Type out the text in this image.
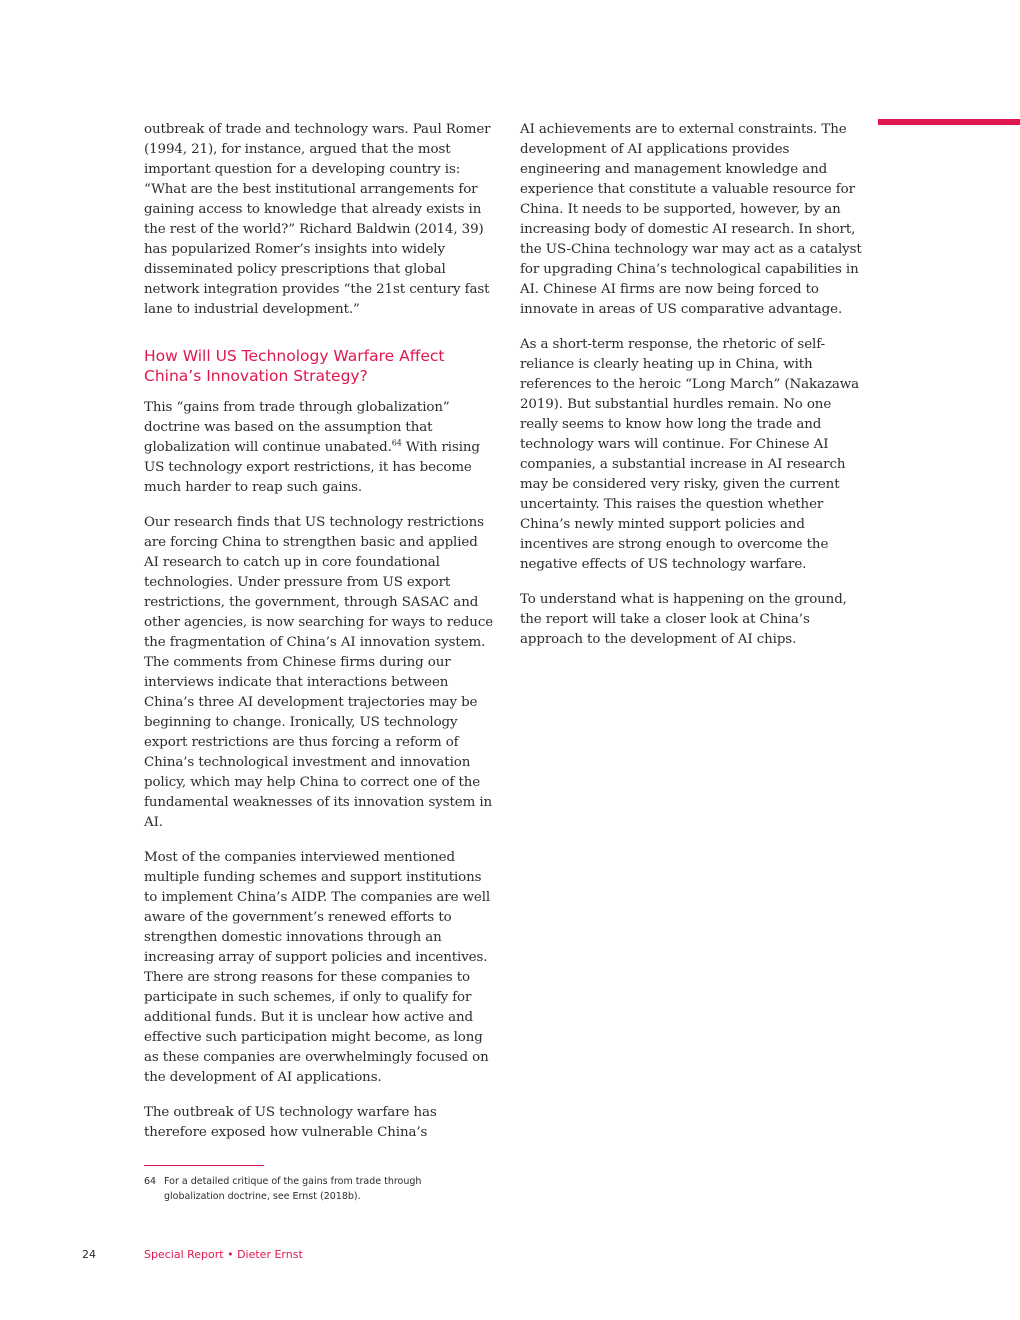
outbreak of trade and technology wars. Paul Romer (1994, 21), for instance, argued that the most important question for a developing country is: “What are the best institutional arrangements for gaining access to knowledge that already exists in the rest of the world?” Richard Baldwin (2014, 39) has popularized Romer’s insights into widely disseminated policy prescriptions that global network integration provides “the 21st century fast lane to industrial development.”

How Will US Technology Warfare Affect China’s Innovation Strategy?

This “gains from trade through globalization” doctrine was based on the assumption that globalization will continue unabated.$^{64}$ With rising US technology export restrictions, it has become much harder to reap such gains.

Our research finds that US technology restrictions are forcing China to strengthen basic and applied AI research to catch up in core foundational technologies. Under pressure from US export restrictions, the government, through SASAC and other agencies, is now searching for ways to reduce the fragmentation of China’s AI innovation system. The comments from Chinese firms during our interviews indicate that interactions between China’s three AI development trajectories may be beginning to change. Ironically, US technology export restrictions are thus forcing a reform of China’s technological investment and innovation policy, which may help China to correct one of the fundamental weaknesses of its innovation system in AI.

Most of the companies interviewed mentioned multiple funding schemes and support institutions to implement China’s AIDP. The companies are well aware of the government’s renewed efforts to strengthen domestic innovations through an increasing array of support policies and incentives. There are strong reasons for these companies to participate in such schemes, if only to qualify for additional funds. But it is unclear how active and effective such participation might become, as long as these companies are overwhelmingly focused on the development of AI applications.

The outbreak of US technology warfare has therefore exposed how vulnerable China’s

AI achievements are to external constraints. The development of AI applications provides engineering and management knowledge and experience that constitute a valuable resource for China. It needs to be supported, however, by an increasing body of domestic AI research. In short, the US-China technology war may act as a catalyst for upgrading China’s technological capabilities in AI. Chinese AI firms are now being forced to innovate in areas of US comparative advantage.

As a short-term response, the rhetoric of self-reliance is clearly heating up in China, with references to the heroic “Long March” (Nakazawa 2019). But substantial hurdles remain. No one really seems to know how long the trade and technology wars will continue. For Chinese AI companies, a substantial increase in AI research may be considered very risky, given the current uncertainty. This raises the question whether China’s newly minted support policies and incentives are strong enough to overcome the negative effects of US technology warfare.

To understand what is happening on the ground, the report will take a closer look at China’s approach to the development of AI chips.

64 For a detailed critique of the gains from trade through globalization doctrine, see Ernst (2018b).
24	Special Report • Dieter Ernst
